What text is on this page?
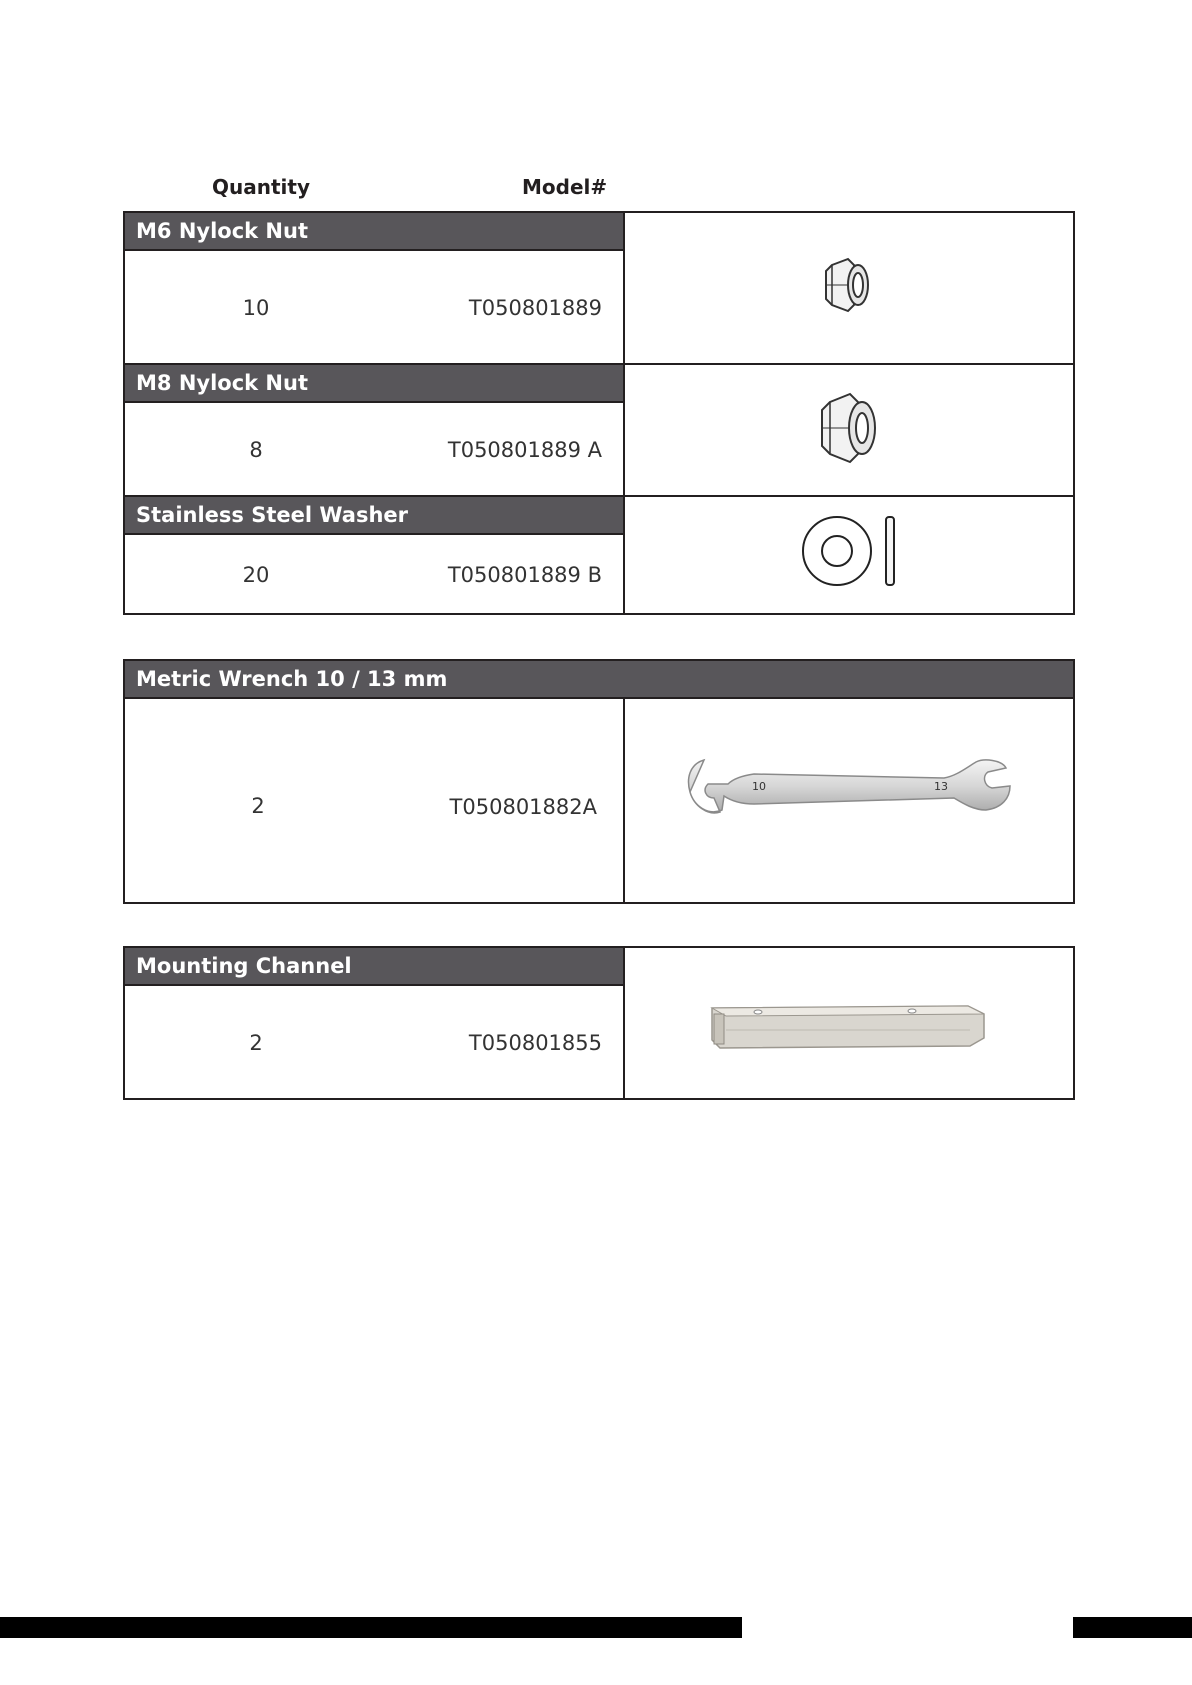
Quantity	Model#
M6 Nylock Nut
10	T050801889
M8 Nylock Nut
8	T050801889 A
Stainless Steel Washer
20	T050801889 B
Metric Wrench 10 / 13 mm
2	T050801882A
10	13
Mounting Channel
2	T050801855
